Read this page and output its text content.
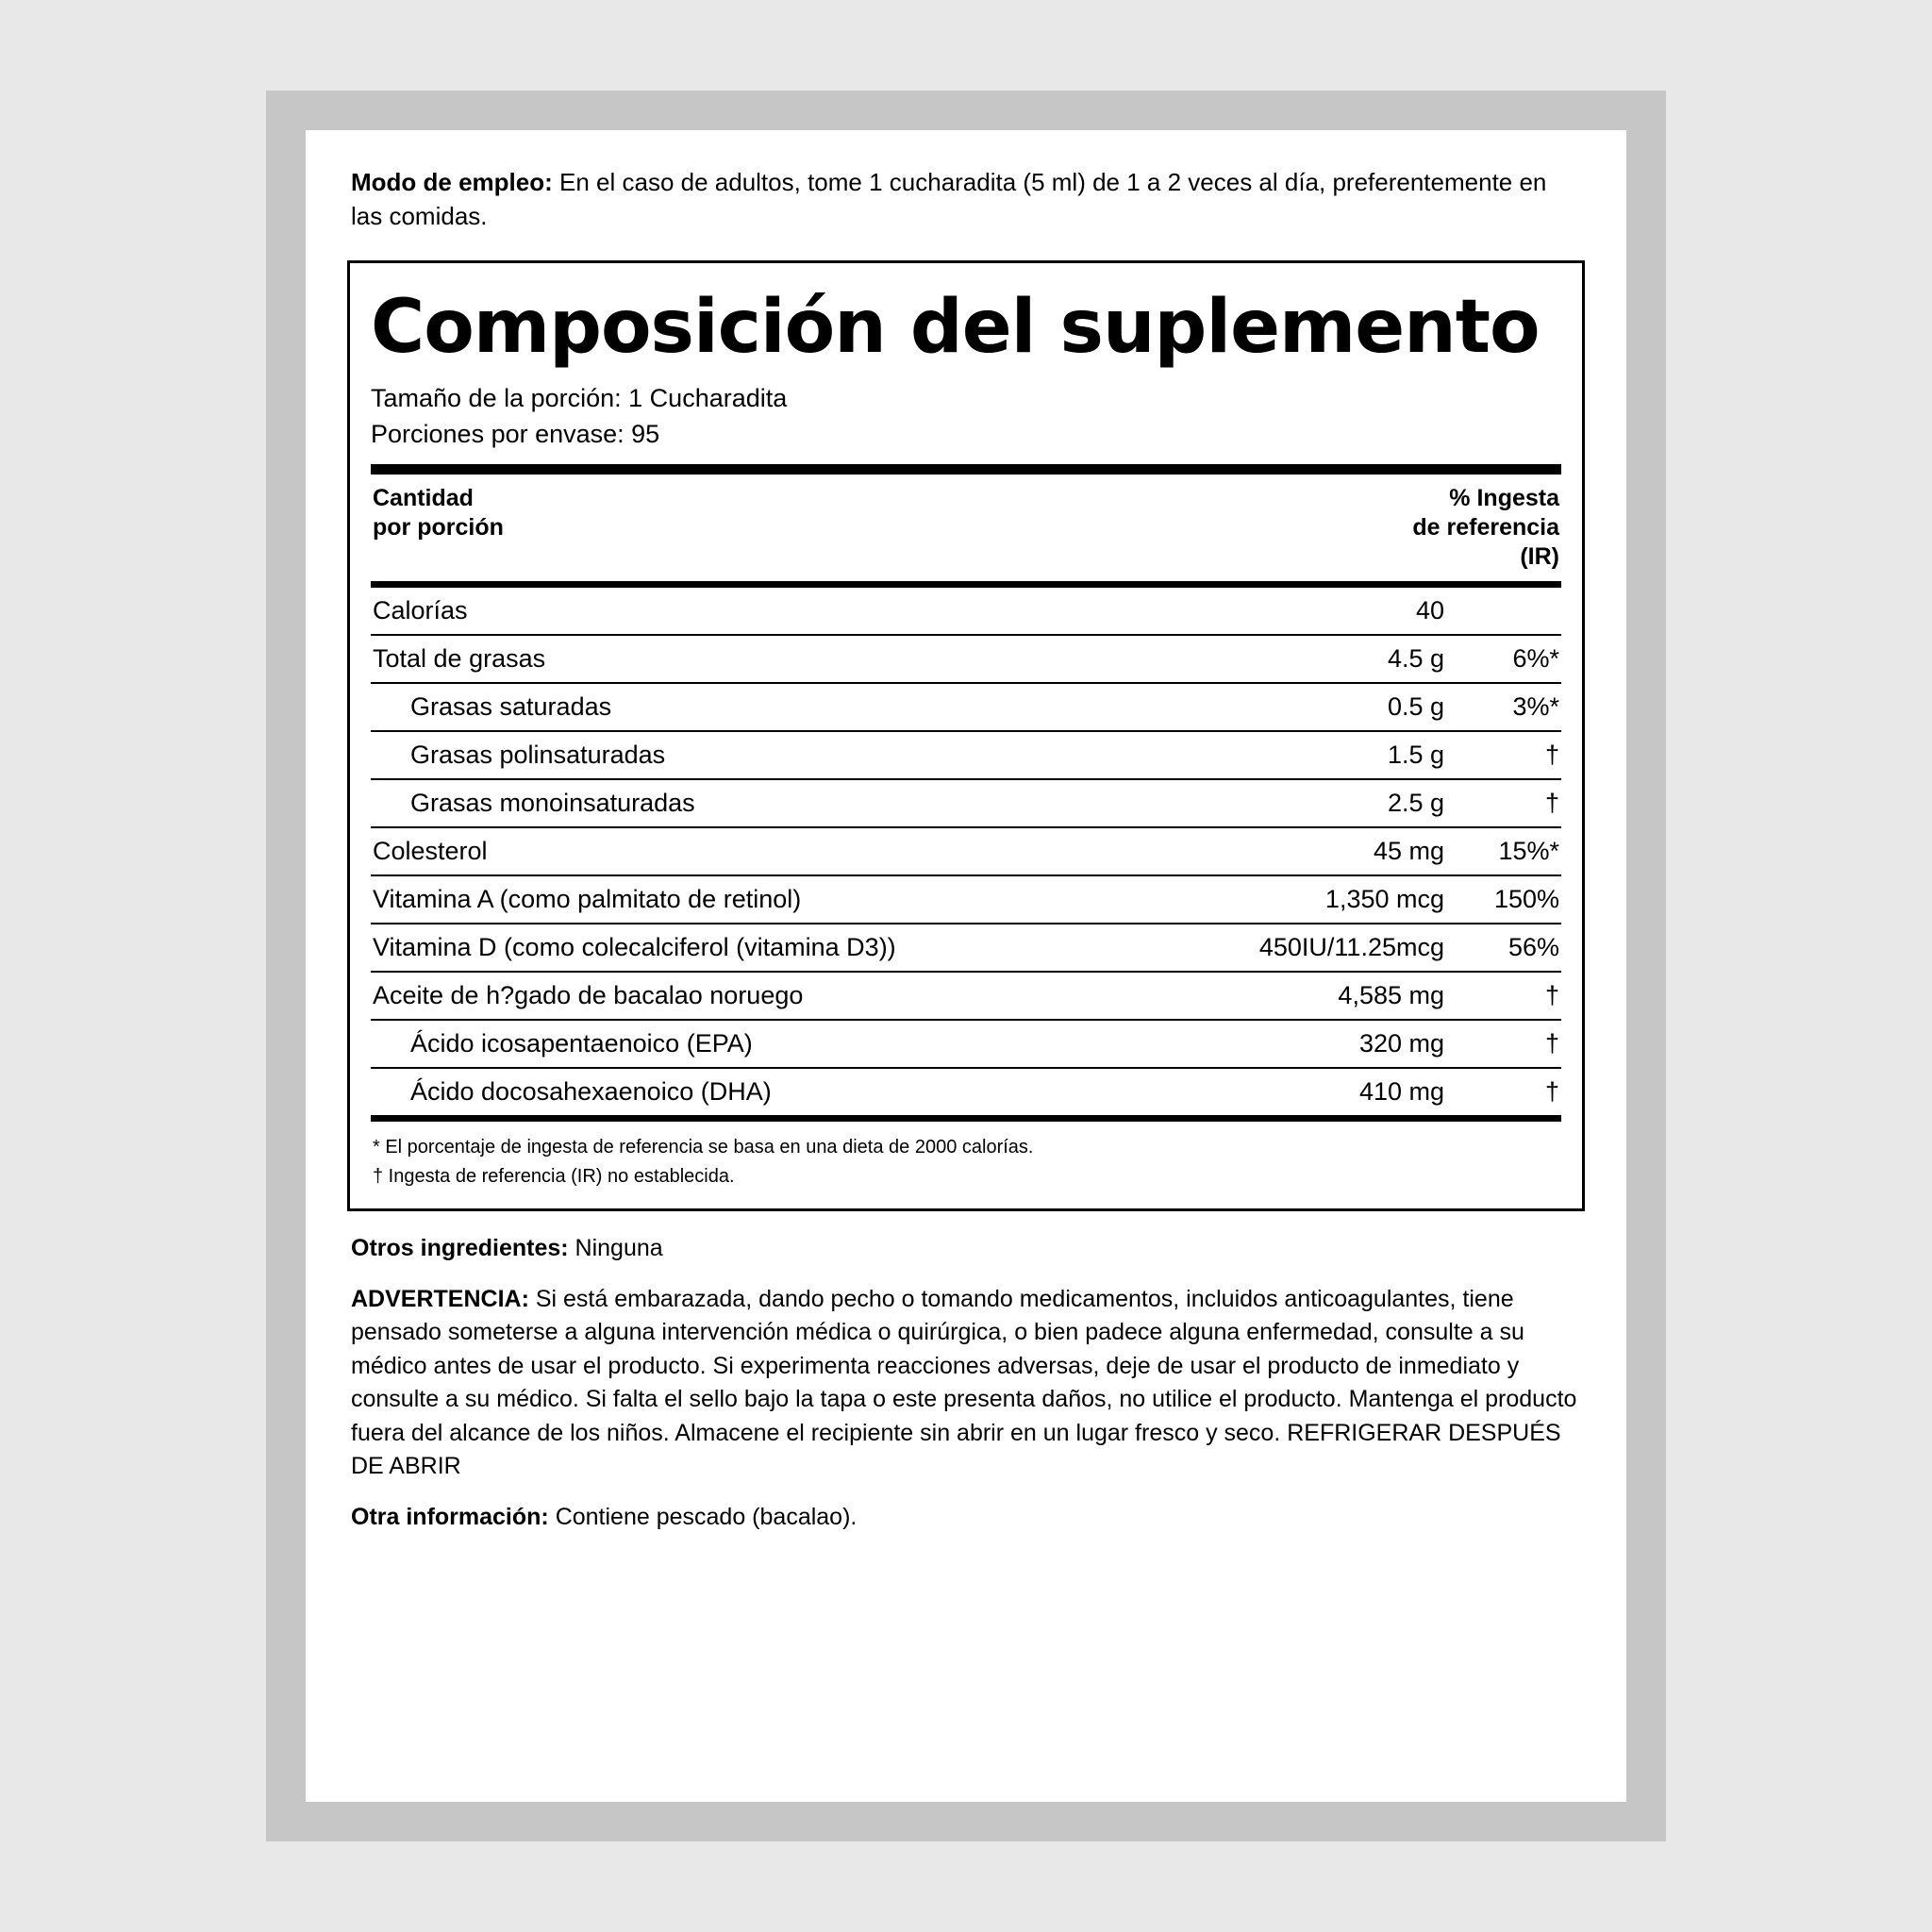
Modo de empleo: En el caso de adultos, tome 1 cucharadita (5 ml) de 1 a 2 veces al día, preferentemente en las comidas.
Composición del suplemento
Tamaño de la porción: 1 Cucharadita
Porciones por envase: 95
Cantidad
por porción
% Ingesta
de referencia
(IR)
Calorías	40	
Total de grasas	4.5 g	6%*
Grasas saturadas	0.5 g	3%*
Grasas polinsaturadas	1.5 g	†
Grasas monoinsaturadas	2.5 g	†
Colesterol	45 mg	15%*
Vitamina A (como palmitato de retinol)	1,350 mcg	150%
Vitamina D (como colecalciferol (vitamina D3))	450IU/11.25mcg	56%
Aceite de h?gado de bacalao noruego	4,585 mg	†
Ácido icosapentaenoico (EPA)	320 mg	†
Ácido docosahexaenoico (DHA)	410 mg	†
* El porcentaje de ingesta de referencia se basa en una dieta de 2000 calorías.
† Ingesta de referencia (IR) no establecida.

Otros ingredientes: Ninguna

ADVERTENCIA: Si está embarazada, dando pecho o tomando medicamentos, incluidos anticoagulantes, tiene pensado someterse a alguna intervención médica o quirúrgica, o bien padece alguna enfermedad, consulte a su médico antes de usar el producto. Si experimenta reacciones adversas, deje de usar el producto de inmediato y consulte a su médico. Si falta el sello bajo la tapa o este presenta daños, no utilice el producto. Mantenga el producto fuera del alcance de los niños. Almacene el recipiente sin abrir en un lugar fresco y seco. REFRIGERAR DESPUÉS DE ABRIR

Otra información: Contiene pescado (bacalao).
